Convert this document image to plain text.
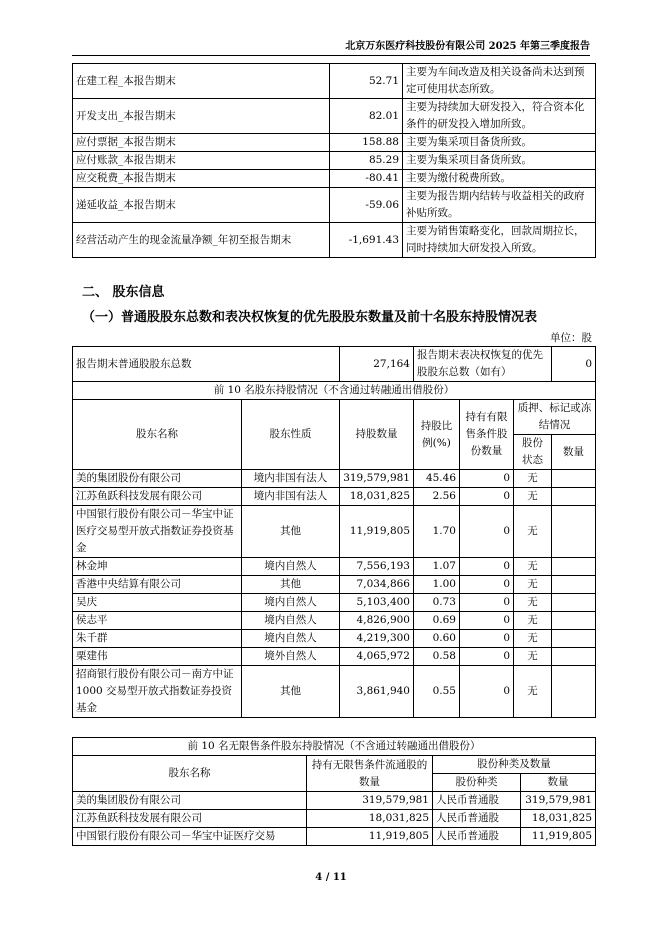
北京万东医疗科技股份有限公司 2025 年第三季度报告
在建工程_本报告期末	52.71	主要为车间改造及相关设备尚未达到预定可使用状态所致。
开发支出_本报告期末	82.01	主要为持续加大研发投入，符合资本化条件的研发投入增加所致。
应付票据_本报告期末	158.88	主要为集采项目备货所致。
应付账款_本报告期末	85.29	主要为集采项目备货所致。
应交税费_本报告期末	-80.41	主要为缴付税费所致。
递延收益_本报告期末	-59.06	主要为报告期内结转与收益相关的政府补贴所致。
经营活动产生的现金流量净额_年初至报告期末	-1,691.43	主要为销售策略变化，回款周期拉长，同时持续加大研发投入所致。
二、 股东信息
（一）普通股股东总数和表决权恢复的优先股股东数量及前十名股东持股情况表
单位：股
报告期末普通股股东总数		27,164	报告期末表决权恢复的优先股股东总数（如有）			0
前 10 名股东持股情况（不含通过转融通出借股份）						
股东名称	股东性质	持股数量	持股比例(%)	持有有限售条件股份数量	质押、标记或冻结情况	
					股份状态	数量
美的集团股份有限公司	境内非国有法人	319,579,981	45.46	0	无	
江苏鱼跃科技发展有限公司	境内非国有法人	18,031,825	2.56	0	无	
中国银行股份有限公司－华宝中证医疗交易型开放式指数证券投资基金	其他	11,919,805	1.70	0	无	
林金坤	境内自然人	7,556,193	1.07	0	无	
香港中央结算有限公司	其他	7,034,866	1.00	0	无	
吴庆	境内自然人	5,103,400	0.73	0	无	
侯志平	境内自然人	4,826,900	0.69	0	无	
朱千群	境内自然人	4,219,300	0.60	0	无	
栗建伟	境外自然人	4,065,972	0.58	0	无	
招商银行股份有限公司－南方中证 1000 交易型开放式指数证券投资基金	其他	3,861,940	0.55	0	无	
前 10 名无限售条件股东持股情况（不含通过转融通出借股份）			
股东名称	持有无限售条件流通股的数量	股份种类及数量	
		股份种类	数量
美的集团股份有限公司	319,579,981	人民币普通股	319,579,981
江苏鱼跃科技发展有限公司	18,031,825	人民币普通股	18,031,825
中国银行股份有限公司－华宝中证医疗交易	11,919,805	人民币普通股	11,919,805
4 / 11
